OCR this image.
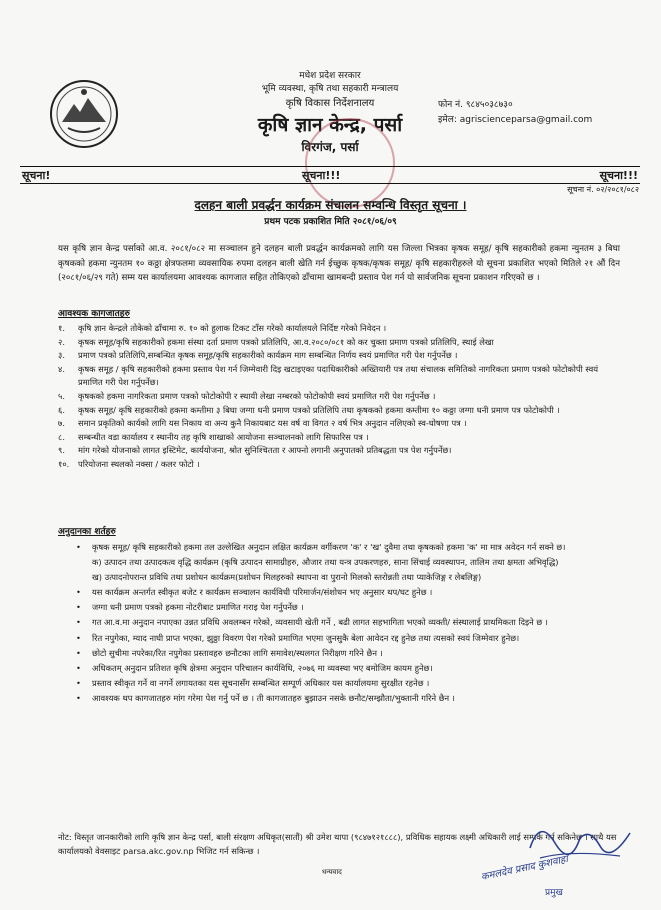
मधेश प्रदेश सरकार
भूमि व्यवस्था, कृषि तथा सहकारी मन्त्रालय
कृषि विकास निर्देशनालय
कृषि ज्ञान केन्द्र, पर्सा
विरगंज, पर्सा
फोन नं. ९८४५०३८७३०
इमेल: agriscienceparsa@gmail.com
सूचना!	सूचना!!!	सूचना!!!
सूचना नं. ०२/२०८१/०८२
दलहन बाली प्रवर्द्धन कार्यक्रम संचालन सम्वन्धि विस्तृत सूचना ।
प्रथम पटक प्रकाशित मिति २०८१/०६/०९
यस कृषि ज्ञान केन्द्र पर्साको आ.व. २०८१/०८२ मा सञ्चालन हुने दलहन बाली प्रवर्द्धन कार्यक्रमको लागि यस जिल्ला भित्रका कृषक समूह/ कृषि सहकारीको हकमा न्युनतम ३ बिघा कृषकको हकमा न्युनतम १० कठ्ठा क्षेत्रफलमा व्यवसायिक रुपमा दलहन बाली खेति गर्न ईच्छुक कृषक/कृषक समूह/ कृषि सहकारीहरुले यो सूचना प्रकाशित भएको मितिले २१ औं दिन (२०८१/०६/२९ गते) सम्म यस कार्यालयमा आवश्यक कागजात सहित तोकिएको ढाँचामा खामबन्दी प्रस्ताव पेश गर्न यो सार्वजनिक सूचना प्रकाशन गरिएको छ ।
आवश्यक कागजातहरु
१.	कृषि ज्ञान केन्द्रले तोकेको ढाँचामा रु. १० को हुलाक टिकट टाँस गरेको कार्यालयले निर्दिष्ट गरेको निवेदन ।
२.	कृषक समूह/कृषि सहकारीको हकमा संस्था दर्ता प्रमाण पत्रको प्रतिलिपि, आ.व.२०८०/०८१ को कर चुक्ता प्रमाण पत्रको प्रतिलिपि, स्थाई लेखा
३.	प्रमाण पत्रको प्रतिलिपि,सम्बन्धित कृषक समूह/कृषि सहकारीको कार्यक्रम माग सम्बन्धित निर्णय स्वयं प्रमाणित गरी पेश गर्नुपर्नेछ ।
४.	कृषक समूह / कृषि सहकारीको हकमा प्रस्ताव पेश गर्न जिम्मेवारी दिइ खटाइएका पदाधिकारीको अख्तियारी पत्र तथा संचालक समितिको नागरिकता प्रमाण पत्रको फोटोकोपी स्वयं प्रमाणित गरी पेश गर्नुपर्नेछ।
५.	कृषकको हकमा नागरिकता प्रमाण पत्रको फोटोकोपी र स्थायी लेखा नम्बरको फोटोकोपी स्वयं प्रमाणित गरी पेश गर्नुपर्नेछ ।
६.	कृषक समूह/ कृषि सहकारीको हकमा कम्तीमा ३ बिघा जग्गा धनी प्रमाण पत्रको प्रतिलिपि तथा कृषकको हकमा कम्तीमा १० कठ्ठा जग्गा धनी प्रमाण पत्र फोटोकोपी ।
७.	समान प्रकृतिको कार्यको लागि यस निकाय वा अन्य कुनै निकायबाट यस वर्ष वा विगत २ वर्ष भित्र अनुदान नलिएको स्व-घोषणा पत्र ।
८.	सम्बन्धीत वडा कार्यालय र स्थानीय तह कृषि शाखाको आयोजना सञ्चालनको लागि सिफारिस पत्र ।
९.	मांग गरेको योजनाको लागत इस्टिमेट, कार्ययोजना, श्रोत सुनिश्चितता र आफ्नो लगानी अनुपातको प्रतिबद्धता पत्र पेश गर्नुपर्नेछ।
१०.	परियोजना स्थलको नक्सा / कलर फोटो ।
अनुदानका शर्तहरु
• कृषक समूह/ कृषि सहकारीको हकमा तल उल्लेखित अनुदान लक्षित कार्यक्रम वर्गीकरण 'क' र 'ख' दुवैमा तथा कृषकको हकमा 'क' मा मात्र अवेदन गर्न सक्ने छ।
क) उत्पादन तथा उत्पादकत्व वृद्धि कार्यक्रम (कृषि उत्पादन सामाग्रीहरु, औजार तथा यन्त्र उपकरणहरु, साना सिंचाई व्यवस्थापन, तालिम तथा क्षमता अभिवृद्धि)
ख) उत्पादनोपरान्त प्रविधि तथा प्रशोधन कार्यक्रम(प्रशोधन मिलहरुको स्थापना वा पुरानो मिलको स्तरोन्नती तथा प्याकेजिङ्ग र लेबलिङ्ग)
• यस कार्यक्रम अन्तर्गत स्वीकृत बजेट र कार्यक्रम सञ्चालन कार्यविधी परिमार्जन/संशोधन भए अनुसार थप/घट हुनेछ ।
• जग्गा धनी प्रमाण पत्रको हकमा नोटरीबाट प्रमाणित गराइ पेश गर्नुपर्नेछ ।
• गत आ.व.मा अनुदान नपाएका उन्नत प्रविधि अवलम्बन गरेको, व्यवसायी खेती गर्ने , बढी लागत सहभागिता भएको व्यक्ती/ संस्थालाई प्राथमिकता दिइने छ ।
• रित नपुगेका, म्याद नाघी प्राप्त भएका, झुठ्ठा विवरण पेश गरेको प्रमाणित भएमा जुनसुकै बेला आवेदन रद्द हुनेछ तथा त्यसको स्वयं जिम्मेवार हुनेछ।
• छोटो सुचीमा नपरेका/रित नपुगेका प्रस्तावहरु छनौटका लागि समावेश/स्थलगत निरीक्षण गरिने छैन ।
• अधिकतम् अनुदान प्रतिशत कृषि क्षेत्रमा अनुदान परिचालन कार्यविधि, २०७६ मा व्यवस्था भए बमोजिम कायम हुनेछ।
• प्रस्ताव स्वीकृत गर्ने वा नगर्ने लगायतका यस सूचनासँग सम्बन्धित सम्पूर्ण अधिकार यस कार्यालयमा सुरक्षीत रहनेछ ।
• आवश्यक थप कागजातहरु मांग गरेमा पेश गर्नु पर्ने छ । ती कागजातहरु बुझाउन नसके छनौट/सम्झौता/भुक्तानी गरिने छैन ।
नोट: विस्तृत जानकारीको लागि कृषि ज्ञान केन्द्र पर्सा, बाली संरक्षण अधिकृत(सातौं) श्री उमेश थापा (९८४७१२१८८८), प्रविधिक सहायक लक्ष्मी अधिकारी लाई सम्पर्क गर्न सकिनेछ । साथै यस कार्यालयको वेवसाइट parsa.akc.gov.np भिजिट गर्न सकिन्छ ।
धन्यवाद	कमलदेव प्रसाद कुशवाहा
प्रमुख
